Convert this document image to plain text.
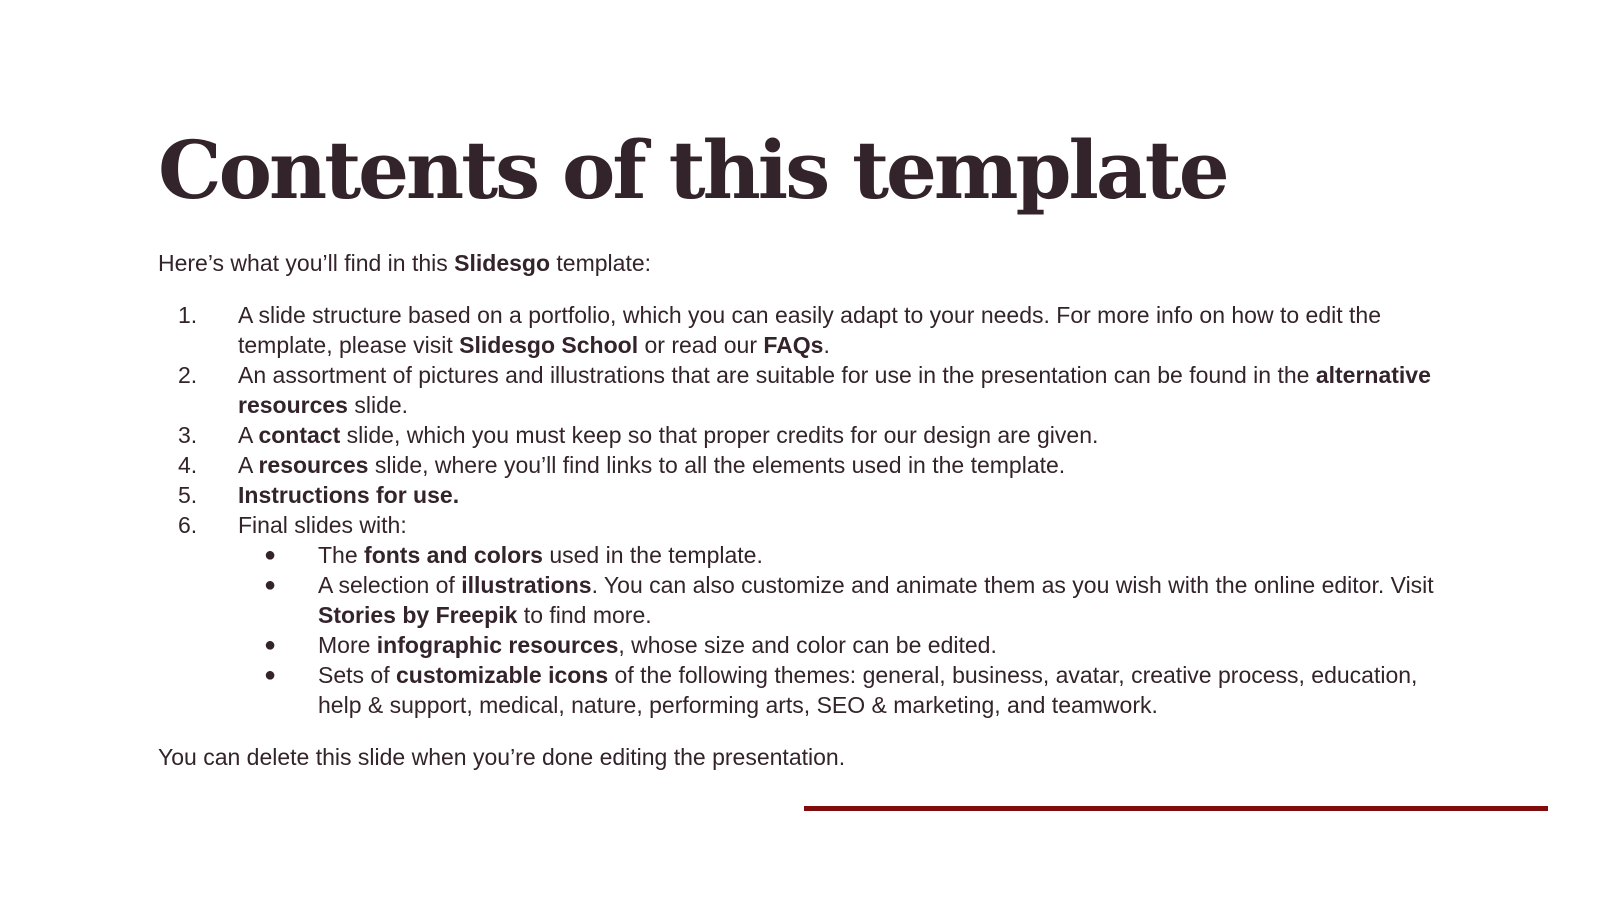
Contents of this template

Here’s what you’ll find in this Slidesgo template:

1. A slide structure based on a portfolio, which you can easily adapt to your needs. For more info on how to edit the template, please visit Slidesgo School or read our FAQs.
2. An assortment of pictures and illustrations that are suitable for use in the presentation can be found in the alternative resources slide.
3. A contact slide, which you must keep so that proper credits for our design are given.
4. A resources slide, where you’ll find links to all the elements used in the template.
5. Instructions for use.
6. Final slides with:
● The fonts and colors used in the template.
● A selection of illustrations. You can also customize and animate them as you wish with the online editor. Visit Stories by Freepik to find more.
● More infographic resources, whose size and color can be edited.
● Sets of customizable icons of the following themes: general, business, avatar, creative process, education, help & support, medical, nature, performing arts, SEO & marketing, and teamwork.

You can delete this slide when you’re done editing the presentation.
